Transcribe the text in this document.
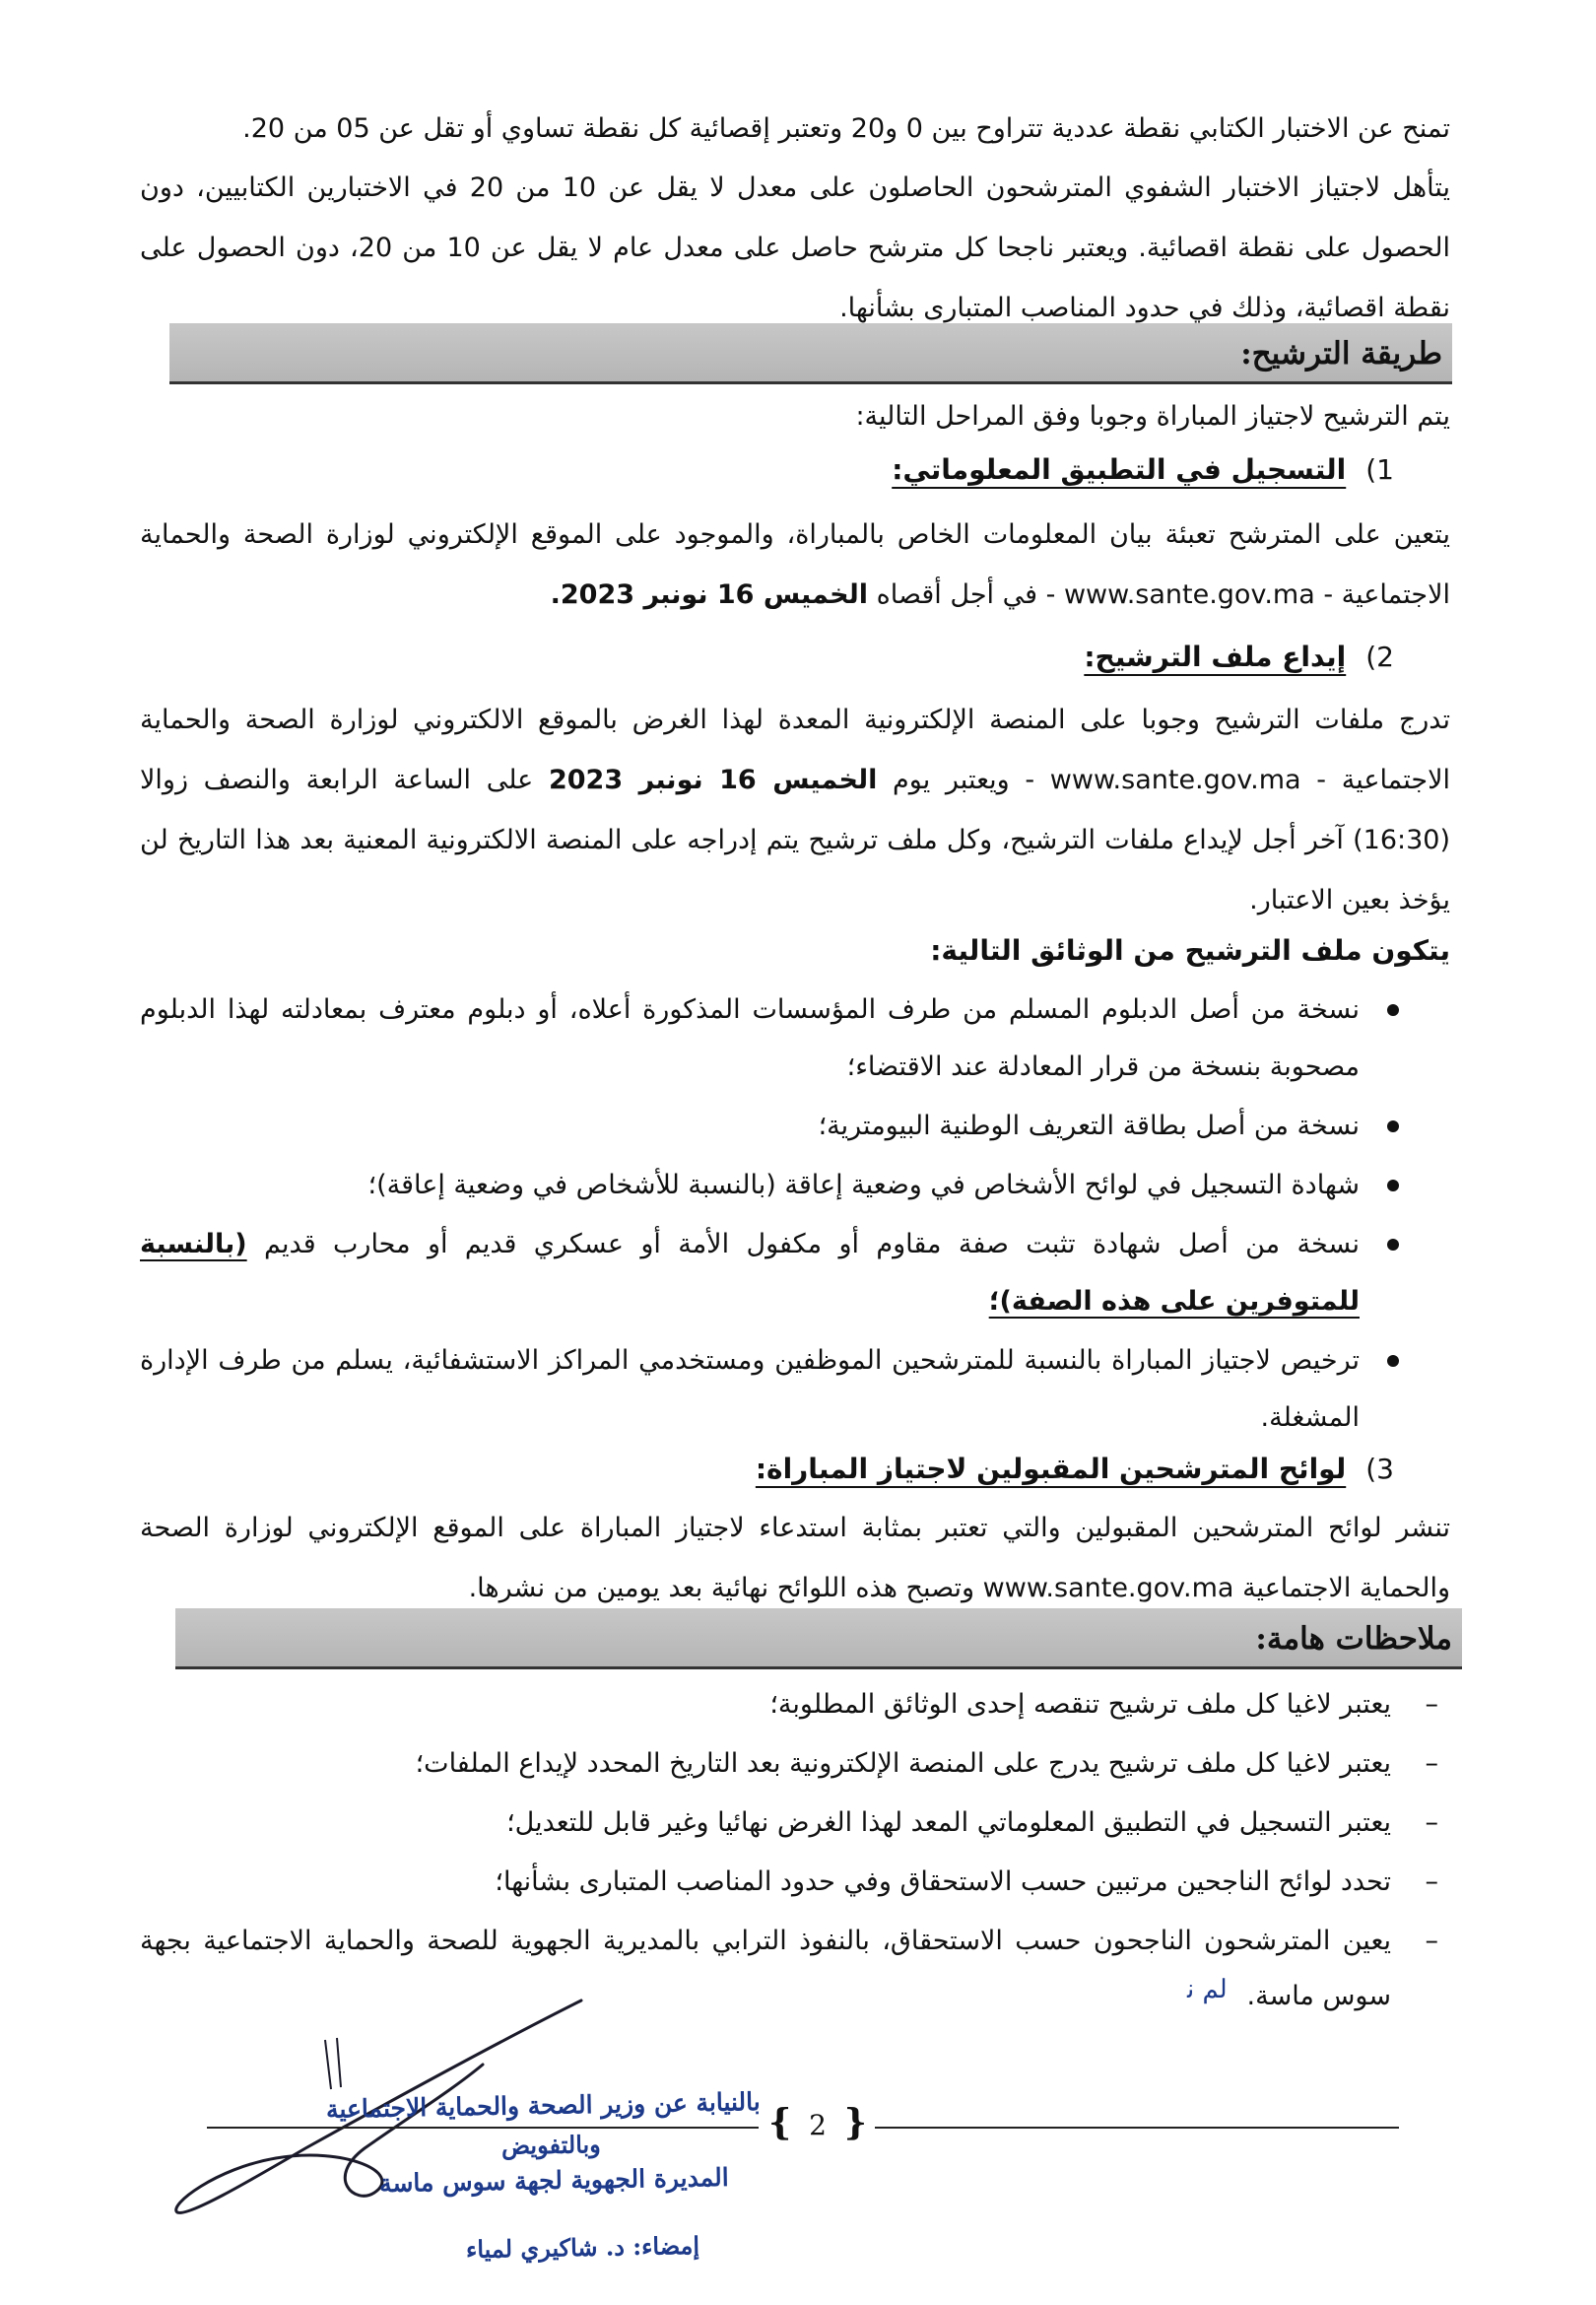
تمنح عن الاختبار الكتابي نقطة عددية تتراوح بين 0 و20 وتعتبر إقصائية كل نقطة تساوي أو تقل عن 05 من 20.
يتأهل لاجتياز الاختبار الشفوي المترشحون الحاصلون على معدل لا يقل عن 10 من 20 في الاختبارين الكتابيين، دون الحصول على نقطة اقصائية. ويعتبر ناجحا كل مترشح حاصل على معدل عام لا يقل عن 10 من 20، دون الحصول على نقطة اقصائية، وذلك في حدود المناصب المتبارى بشأنها.
طريقة الترشيح:
يتم الترشيح لاجتياز المباراة وجوبا وفق المراحل التالية:
1)التسجيل في التطبيق المعلوماتي:
يتعين على المترشح تعبئة بيان المعلومات الخاص بالمباراة، والموجود على الموقع الإلكتروني لوزارة الصحة والحماية الاجتماعية - www.sante.gov.ma - في أجل أقصاه الخميس 16 نونبر 2023.
2)إيداع ملف الترشيح:
تدرج ملفات الترشيح وجوبا على المنصة الإلكترونية المعدة لهذا الغرض بالموقع الالكتروني لوزارة الصحة والحماية الاجتماعية - www.sante.gov.ma - ويعتبر يوم الخميس 16 نونبر 2023 على الساعة الرابعة والنصف زوالا (16:30) آخر أجل لإيداع ملفات الترشيح، وكل ملف ترشيح يتم إدراجه على المنصة الالكترونية المعنية بعد هذا التاريخ لن يؤخذ بعين الاعتبار.
يتكون ملف الترشيح من الوثائق التالية:
نسخة من أصل الدبلوم المسلم من طرف المؤسسات المذكورة أعلاه، أو دبلوم معترف بمعادلته لهذا الدبلوم مصحوبة بنسخة من قرار المعادلة عند الاقتضاء؛
نسخة من أصل بطاقة التعريف الوطنية البيومترية؛
شهادة التسجيل في لوائح الأشخاص في وضعية إعاقة (بالنسبة للأشخاص في وضعية إعاقة)؛
نسخة من أصل شهادة تثبت صفة مقاوم أو مكفول الأمة أو عسكري قديم أو محارب قديم (بالنسبة للمتوفرين على هذه الصفة)؛
ترخيص لاجتياز المباراة بالنسبة للمترشحين الموظفين ومستخدمي المراكز الاستشفائية، يسلم من طرف الإدارة المشغلة.
3)لوائح المترشحين المقبولين لاجتياز المباراة:
تنشر لوائح المترشحين المقبولين والتي تعتبر بمثابة استدعاء لاجتياز المباراة على الموقع الإلكتروني لوزارة الصحة والحماية الاجتماعية www.sante.gov.ma وتصبح هذه اللوائح نهائية بعد يومين من نشرها.
ملاحظات هامة:
–
يعتبر لاغيا كل ملف ترشيح تنقصه إحدى الوثائق المطلوبة؛
–
يعتبر لاغيا كل ملف ترشيح يدرج على المنصة الإلكترونية بعد التاريخ المحدد لإيداع الملفات؛
–
يعتبر التسجيل في التطبيق المعلوماتي المعد لهذا الغرض نهائيا وغير قابل للتعديل؛
–
تحدد لوائح الناجحين مرتبين حسب الاستحقاق وفي حدود المناصب المتبارى بشأنها؛
–
يعين المترشحون الناجحون حسب الاستحقاق، بالنفوذ الترابي بالمديرية الجهوية للصحة والحماية الاجتماعية بجهة سوس ماسة.
ﻟﻢ ﻧ
{ 2 }
بالنيابة عن وزير الصحة والحماية الاجتماعية
وبالتفويض
المديرة الجهوية لجهة سوس ماسة
إمضاء: د. شاكيري لمياء
